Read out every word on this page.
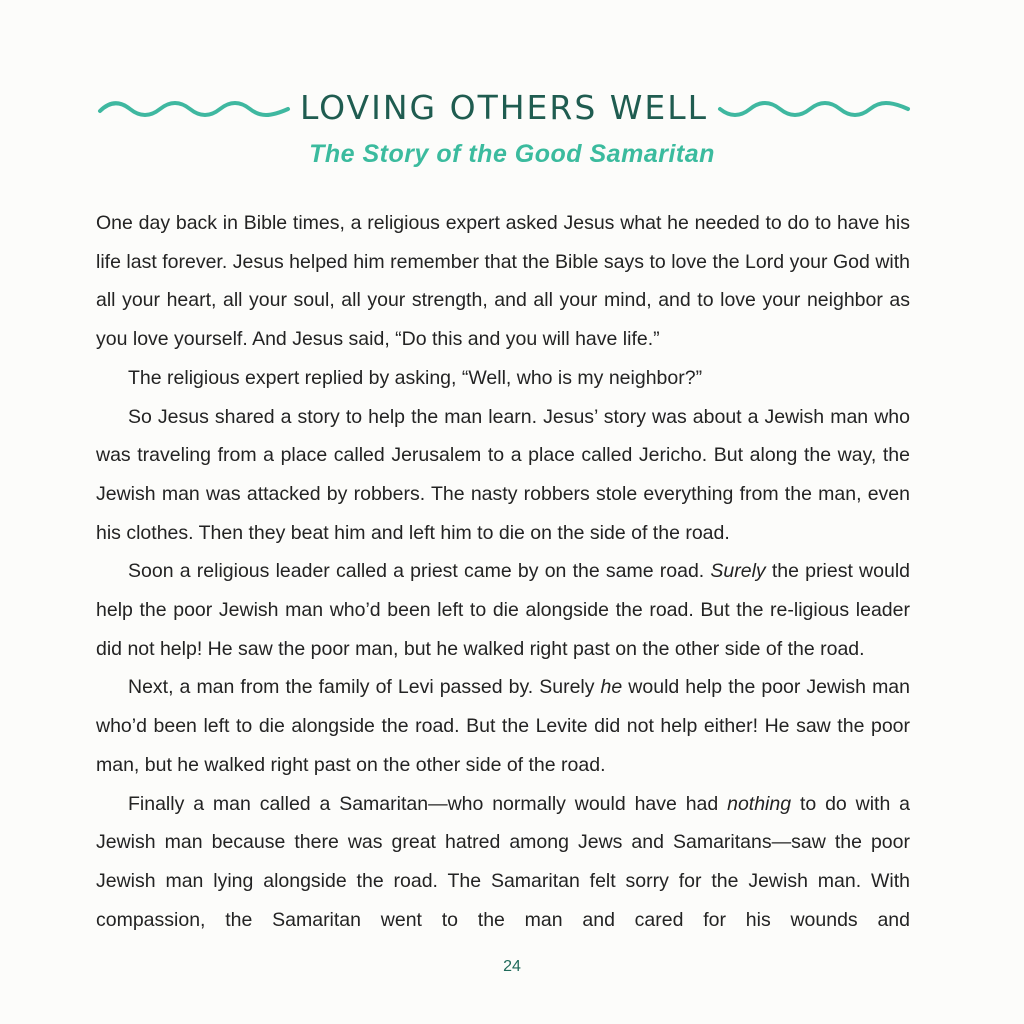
LOVING OTHERS WELL
The Story of the Good Samaritan

One day back in Bible times, a religious expert asked Jesus what he needed to do to have his life last forever. Jesus helped him remember that the Bible says to love the Lord your God with all your heart, all your soul, all your strength, and all your mind, and to love your neighbor as you love yourself. And Jesus said, “Do this and you will have life.”

The religious expert replied by asking, “Well, who is my neighbor?”

So Jesus shared a story to help the man learn. Jesus’ story was about a Jewish man who was traveling from a place called Jerusalem to a place called Jericho. But along the way, the Jewish man was attacked by robbers. The nasty robbers stole everything from the man, even his clothes. Then they beat him and left him to die on the side of the road.

Soon a religious leader called a priest came by on the same road. Surely the priest would help the poor Jewish man who’d been left to die alongside the road. But the re-ligious leader did not help! He saw the poor man, but he walked right past on the other side of the road.

Next, a man from the family of Levi passed by. Surely he would help the poor Jewish man who’d been left to die alongside the road. But the Levite did not help either! He saw the poor man, but he walked right past on the other side of the road.

Finally a man called a Samaritan—who normally would have had nothing to do with a Jewish man because there was great hatred among Jews and Samaritans—saw the poor Jewish man lying alongside the road. The Samaritan felt sorry for the Jewish man. With compassion, the Samaritan went to the man and cared for his wounds and

24
